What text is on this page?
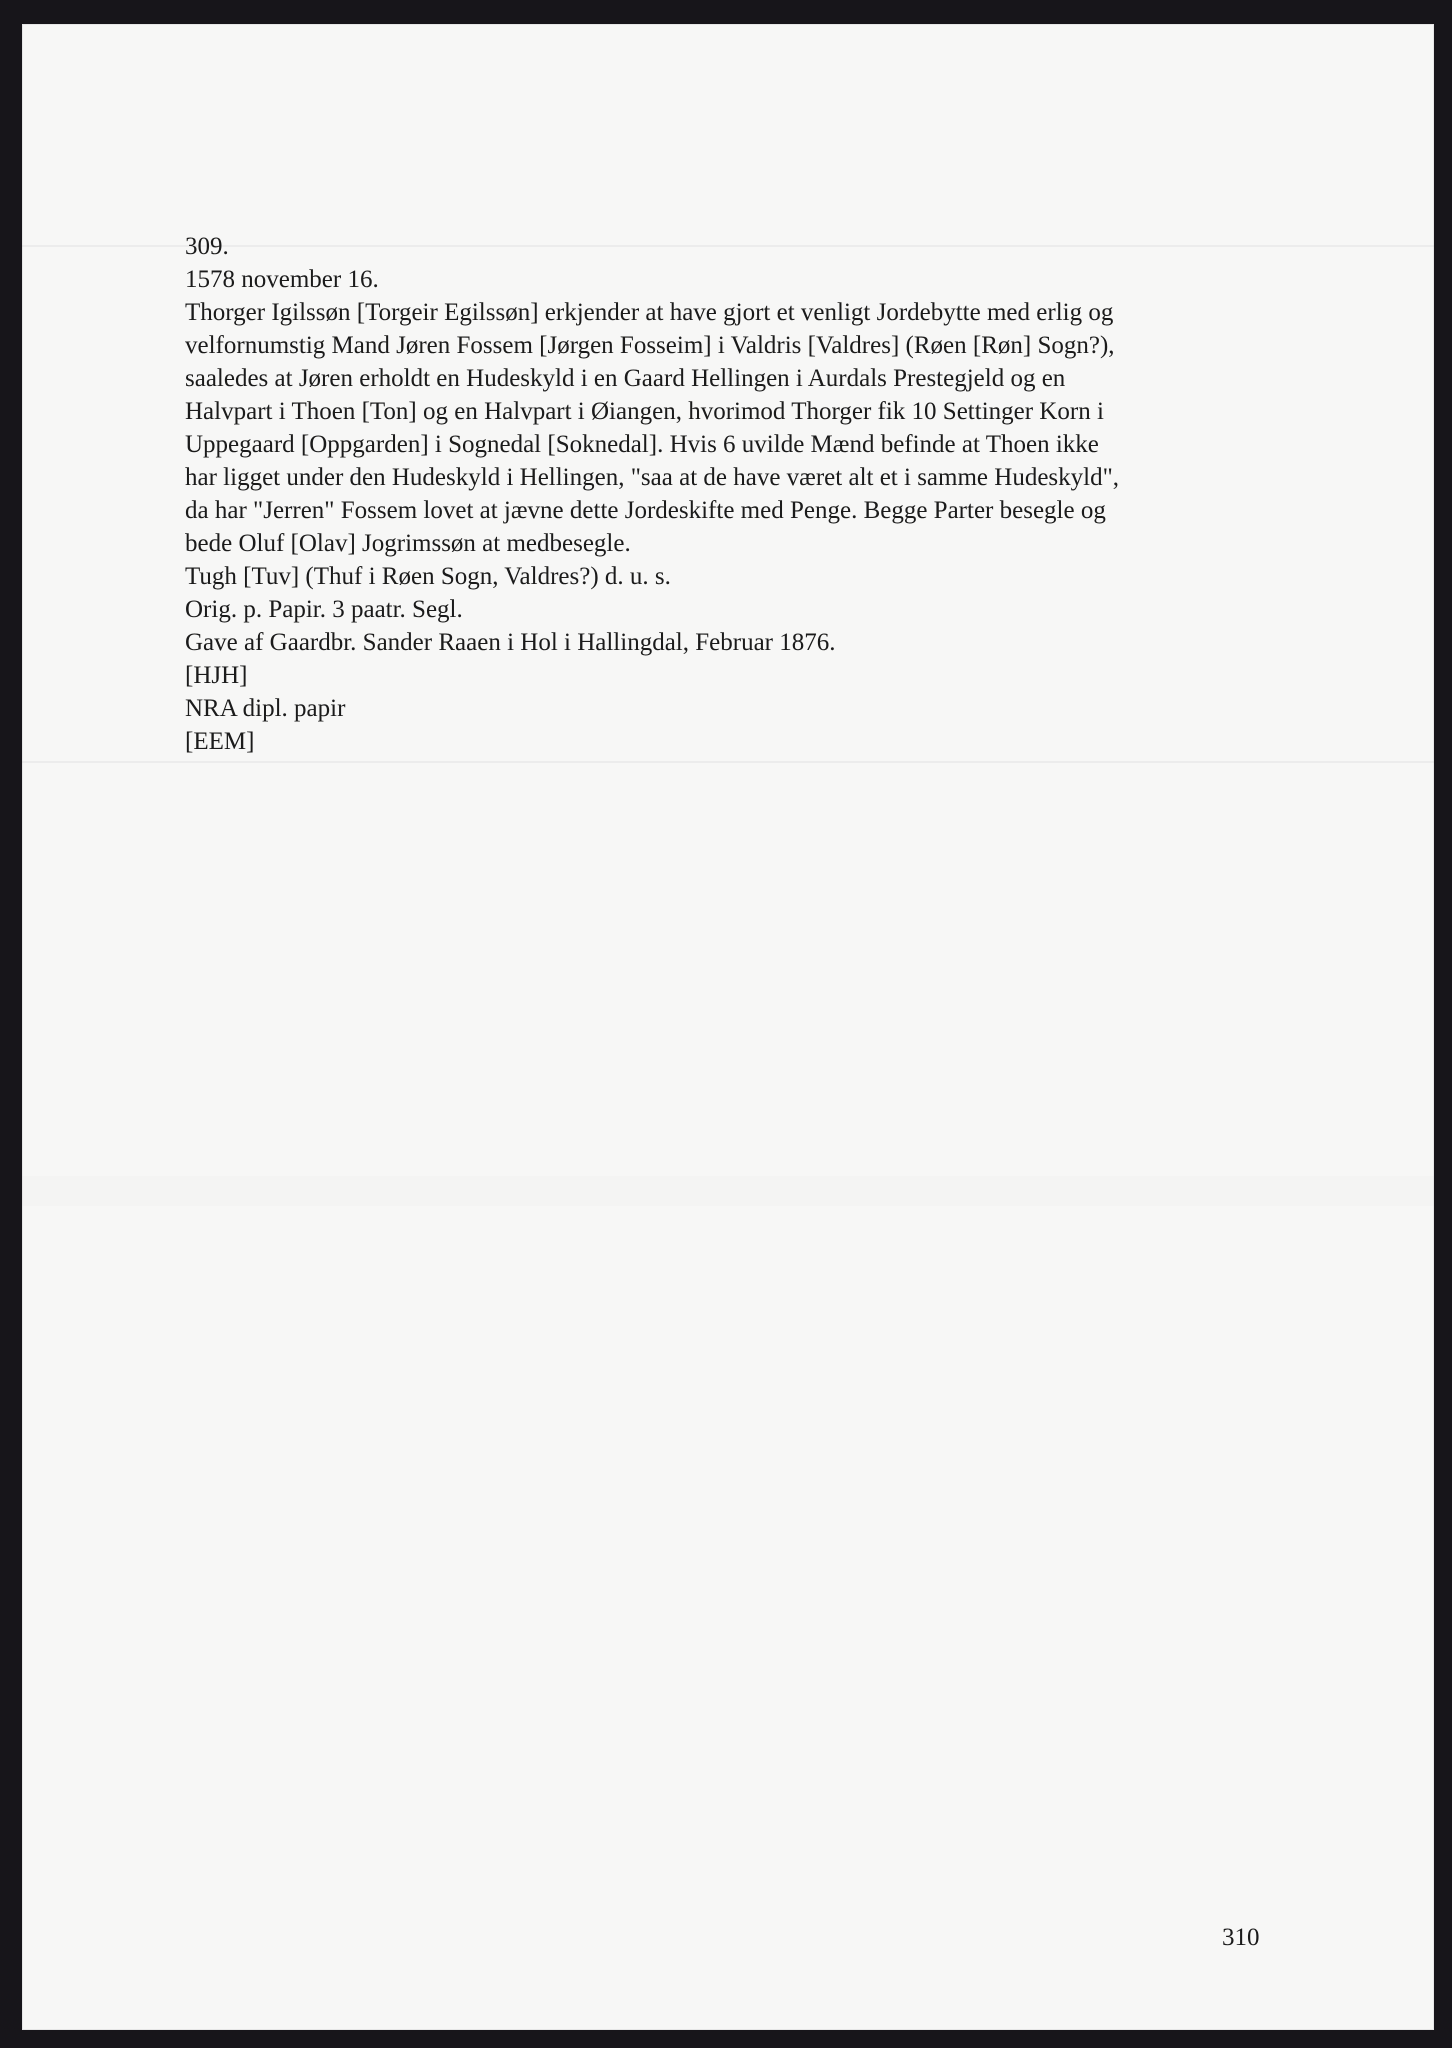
309.
1578 november 16.
Thorger Igilssøn [Torgeir Egilssøn] erkjender at have gjort et venligt Jordebytte med erlig og
velfornumstig Mand Jøren Fossem [Jørgen Fosseim] i Valdris [Valdres] (Røen [Røn] Sogn?),
saaledes at Jøren erholdt en Hudeskyld i en Gaard Hellingen i Aurdals Prestegjeld og en
Halvpart i Thoen [Ton] og en Halvpart i Øiangen, hvorimod Thorger fik 10 Settinger Korn i
Uppegaard [Oppgarden] i Sognedal [Soknedal]. Hvis 6 uvilde Mænd befinde at Thoen ikke
har ligget under den Hudeskyld i Hellingen, "saa at de have været alt et i samme Hudeskyld",
da har "Jerren" Fossem lovet at jævne dette Jordeskifte med Penge. Begge Parter besegle og
bede Oluf [Olav] Jogrimssøn at medbesegle.
Tugh [Tuv] (Thuf i Røen Sogn, Valdres?) d. u. s.
Orig. p. Papir. 3 paatr. Segl.
Gave af Gaardbr. Sander Raaen i Hol i Hallingdal, Februar 1876.
[HJH]
NRA dipl. papir
[EEM]
310
